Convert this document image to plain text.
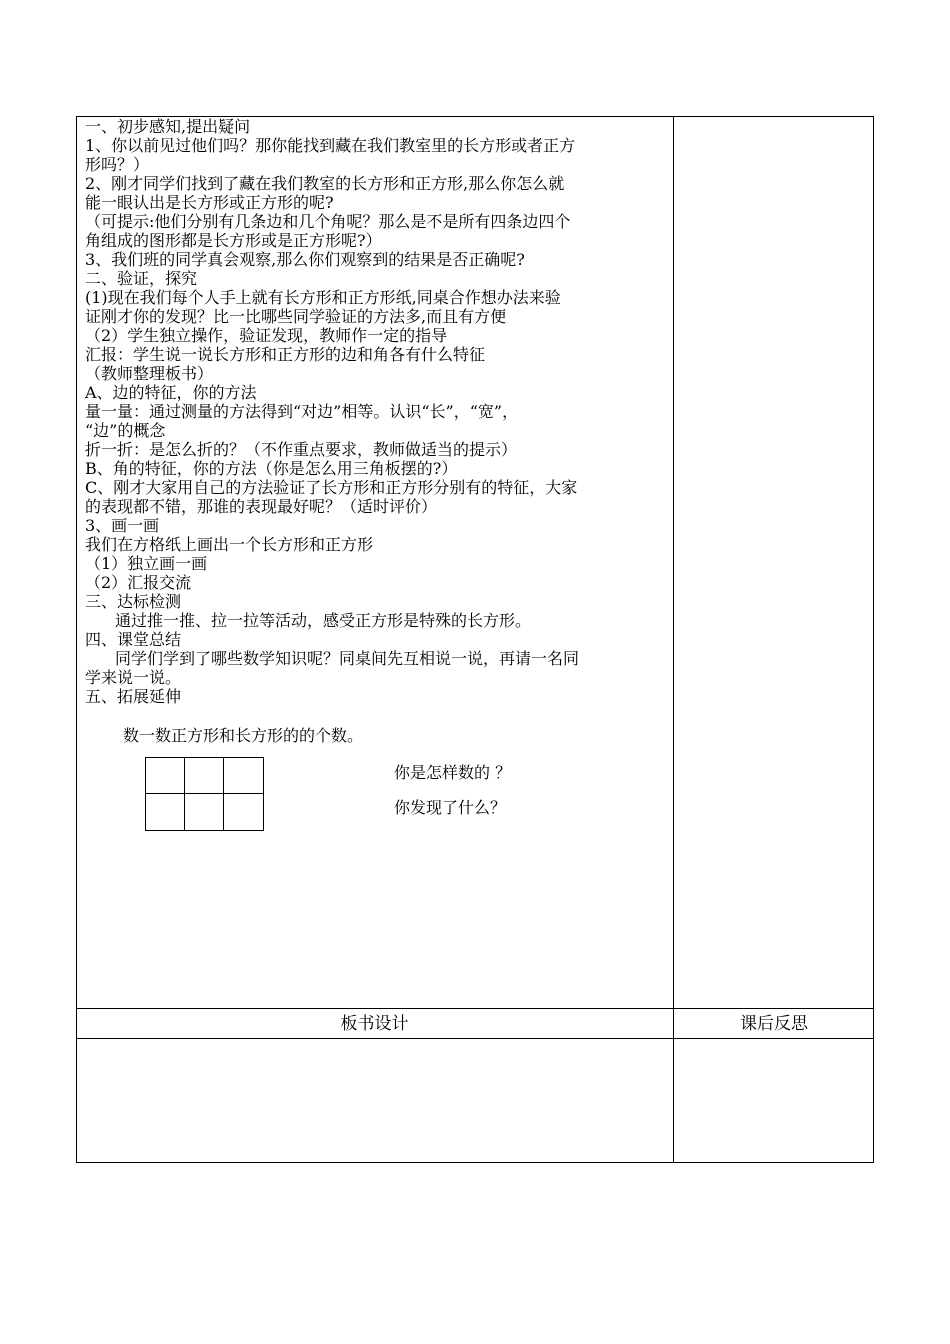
一、初步感知,提出疑问
1、你以前见过他们吗？那你能找到藏在我们教室里的长方形或者正方
形吗？）
2、刚才同学们找到了藏在我们教室的长方形和正方形,那么你怎么就
能一眼认出是长方形或正方形的呢?
（可提示:他们分别有几条边和几个角呢？那么是不是所有四条边四个
角组成的图形都是长方形或是正方形呢?）
3、我们班的同学真会观察,那么你们观察到的结果是否正确呢?
二、验证，探究
(1)现在我们每个人手上就有长方形和正方形纸,同桌合作想办法来验
证刚才你的发现？比一比哪些同学验证的方法多,而且有方便
（2）学生独立操作，验证发现，教师作一定的指导
汇报：学生说一说长方形和正方形的边和角各有什么特征
（教师整理板书）
A、边的特征，你的方法
量一量：通过测量的方法得到“对边”相等。认识“长”，“宽”，
“边”的概念
折一折：是怎么折的？（不作重点要求，教师做适当的提示）
B、角的特征，你的方法（你是怎么用三角板摆的?）
C、刚才大家用自己的方法验证了长方形和正方形分别有的特征，大家
的表现都不错，那谁的表现最好呢？（适时评价）
3、画一画
我们在方格纸上画出一个长方形和正方形
（1）独立画一画
（2）汇报交流
三、达标检测
通过推一推、拉一拉等活动，感受正方形是特殊的长方形。
四、课堂总结
同学们学到了哪些数学知识呢？同桌间先互相说一说，再请一名同
学来说一说。
五、拓展延伸
数一数正方形和长方形的的个数。
你是怎样数的 ？
你发现了什么？
板书设计	课后反思
